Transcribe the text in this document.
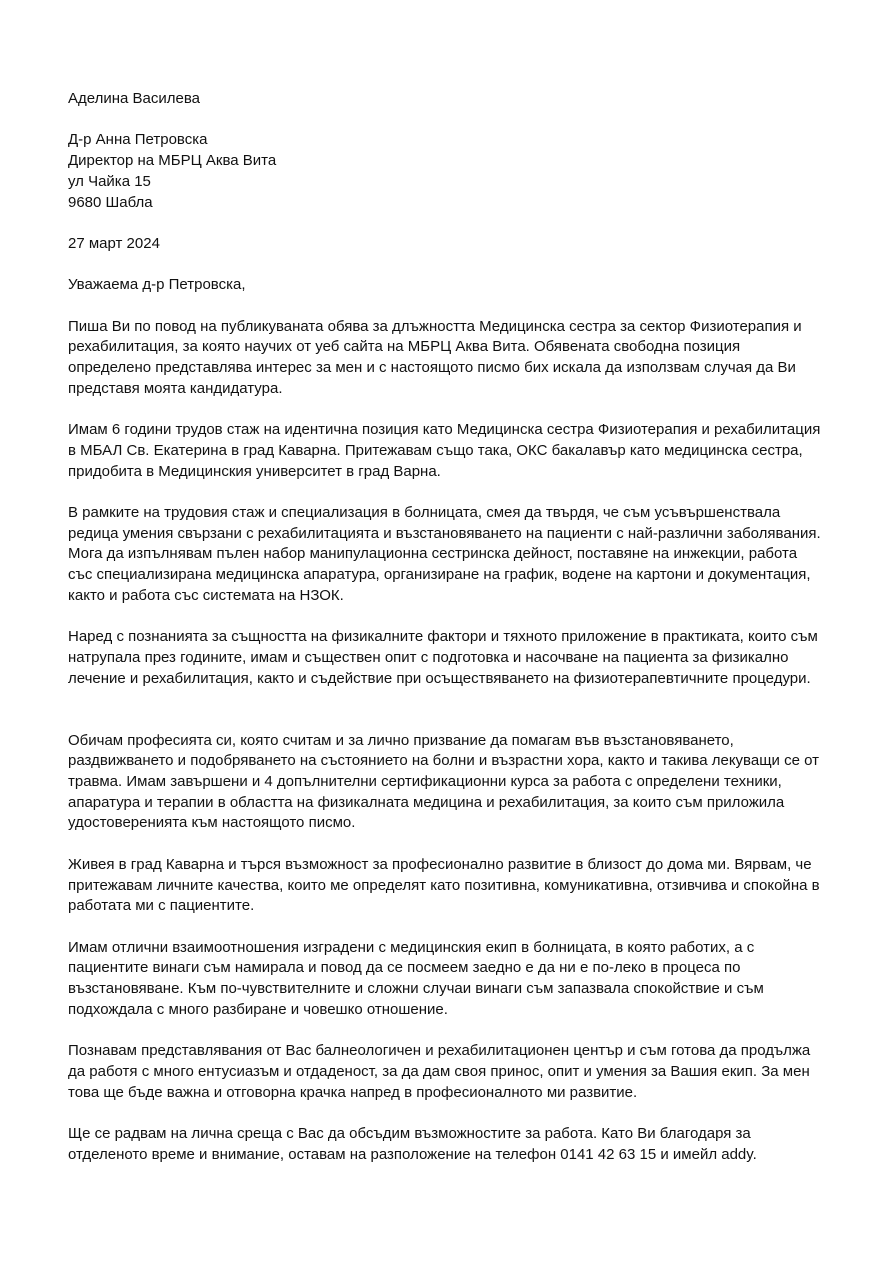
Аделина Василева
Д-р Анна Петровска
Директор на МБРЦ Аква Вита
ул Чайка 15
9680 Шабла
27 март 2024
Уважаема д-р Петровска,
Пиша Ви по повод на публикуваната обява за длъжността Медицинска сестра за сектор Физиотерапия и
рехабилитация, за която научих от уеб сайта на МБРЦ Аква Вита. Обявената свободна позиция
определено представлява интерес за мен и с настоящото писмо бих искала да използвам случая да Ви
представя моята кандидатура.
Имам 6 години трудов стаж на идентична позиция като Медицинска сестра Физиотерапия и рехабилитация
в МБАЛ Св. Екатерина в град Каварна. Притежавам също така, ОКС бакалавър като медицинска сестра,
придобита в Медицинския университет в град Варна.
В рамките на трудовия стаж и специализация в болницата, смея да твърдя, че съм усъвършенствала
редица умения свързани с рехабилитацията и възстановяването на пациенти с най-различни заболявания.
Мога да изпълнявам пълен набор манипулационна сестринска дейност, поставяне на инжекции, работа
със специализирана медицинска апаратура, организиране на график, водене на картони и документация,
както и работа със системата на НЗОК.
Наред с познанията за същността на физикалните фактори и тяхното приложение в практиката, които съм
натрупала през годините, имам и съществен опит с подготовка и насочване на пациента за физикално
лечение и рехабилитация, както и съдействие при осъществяването на физиотерапевтичните процедури.
Обичам професията си, която считам и за лично призвание да помагам във възстановяването,
раздвижването и подобряването на състоянието на болни и възрастни хора, както и такива лекуващи се от
травма. Имам завършени и 4 допълнителни сертификационни курса за работа с определени техники,
апаратура и терапии в областта на физикалната медицина и рехабилитация, за които съм приложила
удостоверенията към настоящото писмо.
Живея в град Каварна и търся възможност за професионално развитие в близост до дома ми. Вярвам, че
притежавам личните качества, които ме определят като позитивна, комуникативна, отзивчива и спокойна в
работата ми с пациентите.
Имам отлични взаимоотношения изградени с медицинския екип в болницата, в която работих, а с
пациентите винаги съм намирала и повод да се посмеем заедно е да ни е по-леко в процеса по
възстановяване. Към по-чувствителните и сложни случаи винаги съм запазвала спокойствие и съм
подхождала с много разбиране и човешко отношение.
Познавам представлявания от Вас балнеологичен и рехабилитационен център и съм готова да продължа
да работя с много ентусиазъм и отдаденост, за да дам своя принос, опит и умения за Вашия екип. За мен
това ще бъде важна и отговорна крачка напред в професионалното ми развитие.
Ще се радвам на лична среща с Вас да обсъдим възможностите за работа. Като Ви благодаря за
отделеното време и внимание, оставам на разположение на телефон 0141 42 63 15 и имейл addy.
